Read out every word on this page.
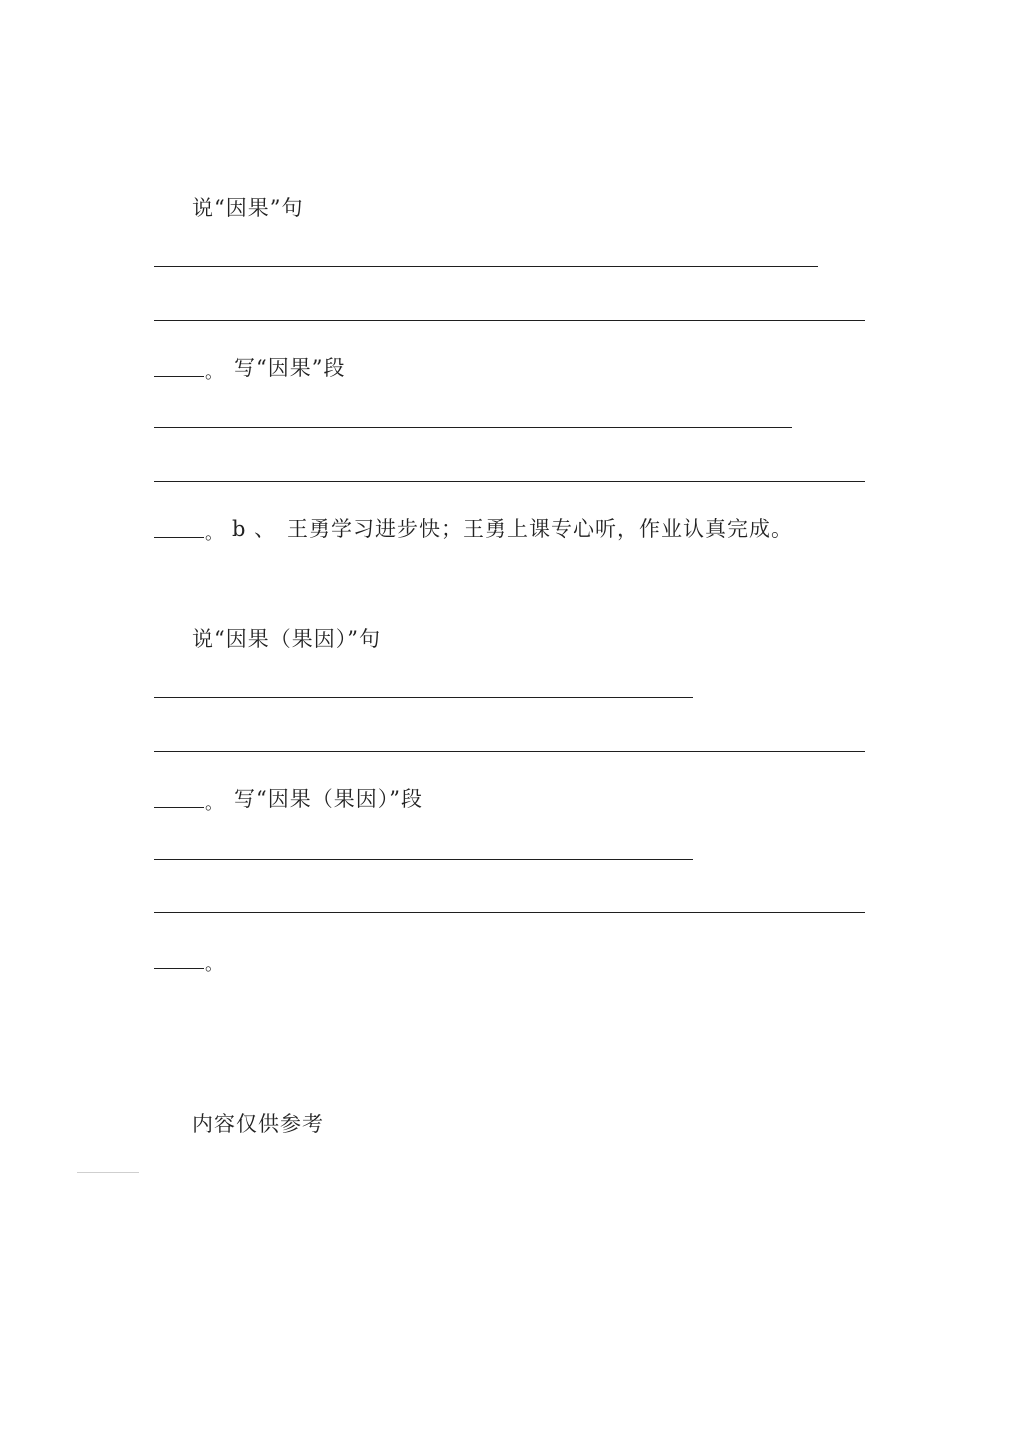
说“因果”句
。 写“因果”段
。 b 、 王勇学习进步快；王勇上课专心听，作业认真完成。
说“因果（果因）”句
。 写“因果（果因）”段
。
内容仅供参考
